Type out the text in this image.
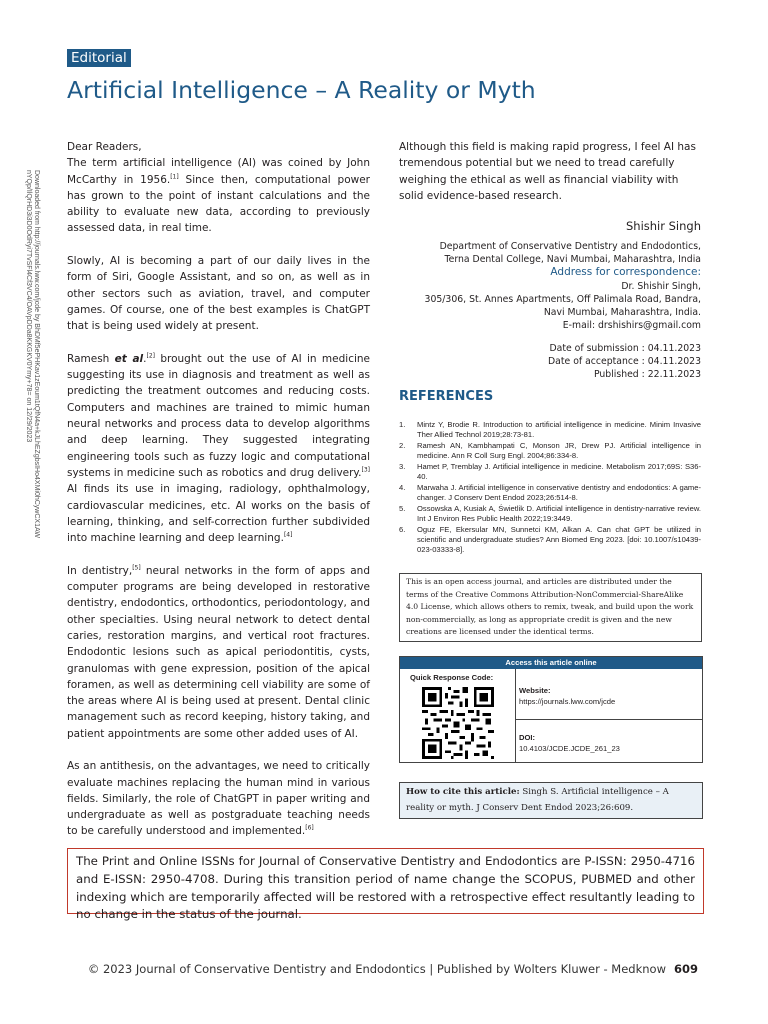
Editorial
Artificial Intelligence – A Reality or Myth
Downloaded from http://journals.lww.com/jcde by BhDMf5ePHKav1zEoum1tQfN4a+kJLhEZgbsIHo4XMi0hCywCX1AW
nYQp/IlQrHD3i3D0OdRyi7TvSFl4Cf3VC4/OAVpDDa8KKGKV0Ymy+78= on 12/29/2023
Dear Readers,

The term artificial intelligence (AI) was coined by John McCarthy in 1956.[1] Since then, computational power has grown to the point of instant calculations and the ability to evaluate new data, according to previously assessed data, in real time.

Slowly, AI is becoming a part of our daily lives in the form of Siri, Google Assistant, and so on, as well as in other sectors such as aviation, travel, and computer games. Of course, one of the best examples is ChatGPT that is being used widely at present.

Ramesh et al.[2] brought out the use of AI in medicine suggesting its use in diagnosis and treatment as well as predicting the treatment outcomes and reducing costs. Computers and machines are trained to mimic human neural networks and process data to develop algorithms and deep learning. They suggested integrating engineering tools such as fuzzy logic and computational systems in medicine such as robotics and drug delivery.[3] AI finds its use in imaging, radiology, ophthalmology, cardiovascular medicines, etc. AI works on the basis of learning, thinking, and self-correction further subdivided into machine learning and deep learning.[4]

In dentistry,[5] neural networks in the form of apps and computer programs are being developed in restorative dentistry, endodontics, orthodontics, periodontology, and other specialties. Using neural network to detect dental caries, restoration margins, and vertical root fractures. Endodontic lesions such as apical periodontitis, cysts, granulomas with gene expression, position of the apical foramen, as well as determining cell viability are some of the areas where AI is being used at present. Dental clinic management such as record keeping, history taking, and patient appointments are some other added uses of AI.

As an antithesis, on the advantages, we need to critically evaluate machines replacing the human mind in various fields. Similarly, the role of ChatGPT in paper writing and undergraduate as well as postgraduate teaching needs to be carefully understood and implemented.[6]

Although this field is making rapid progress, I feel AI has tremendous potential but we need to tread carefully weighing the ethical as well as financial viability with solid evidence-based research.

Shishir Singh
Department of Conservative Dentistry and Endodontics,
Terna Dental College, Navi Mumbai, Maharashtra, India
Address for correspondence:
Dr. Shishir Singh,
305/306, St. Annes Apartments, Off Palimala Road, Bandra,
Navi Mumbai, Maharashtra, India.
E-mail: drshishirs@gmail.com
Date of submission : 04.11.2023
Date of acceptance : 04.11.2023
Published : 22.11.2023
REFERENCES
1.	Mintz Y, Brodie R. Introduction to artificial intelligence in medicine. Minim Invasive Ther Allied Technol 2019;28:73-81.
2.	Ramesh AN, Kambhampati C, Monson JR, Drew PJ. Artificial intelligence in medicine. Ann R Coll Surg Engl. 2004;86:334-8.
3.	Hamet P, Tremblay J. Artificial intelligence in medicine. Metabolism 2017;69S: S36-40.
4.	Marwaha J. Artificial intelligence in conservative dentistry and endodontics: A game-changer. J Conserv Dent Endod 2023;26:514-8.
5.	Ossowska A, Kusiak A, Świetlik D. Artificial intelligence in dentistry-narrative review. Int J Environ Res Public Health 2022;19:3449.
6.	Oguz FE, Ekersular MN, Sunnetci KM, Alkan A. Can chat GPT be utilized in scientific and undergraduate studies? Ann Biomed Eng 2023. [doi: 10.1007/s10439-023-03333-8].
This is an open access journal, and articles are distributed under the terms of the Creative Commons Attribution-NonCommercial-ShareAlike 4.0 License, which allows others to remix, tweak, and build upon the work non-commercially, as long as appropriate credit is given and the new creations are licensed under the identical terms.
Access this article online
Quick Response Code:
Website:
https://journals.lww.com/jcde
DOI:
10.4103/JCDE.JCDE_261_23
How to cite this article: Singh S. Artificial intelligence – A reality or myth. J Conserv Dent Endod 2023;26:609.
The Print and Online ISSNs for Journal of Conservative Dentistry and Endodontics are P-ISSN: 2950-4716 and E-ISSN: 2950-4708. During this transition period of name change the SCOPUS, PUBMED and other indexing which are temporarily affected will be restored with a retrospective effect resultantly leading to no change in the status of the journal.
© 2023 Journal of Conservative Dentistry and Endodontics | Published by Wolters Kluwer - Medknow 609
